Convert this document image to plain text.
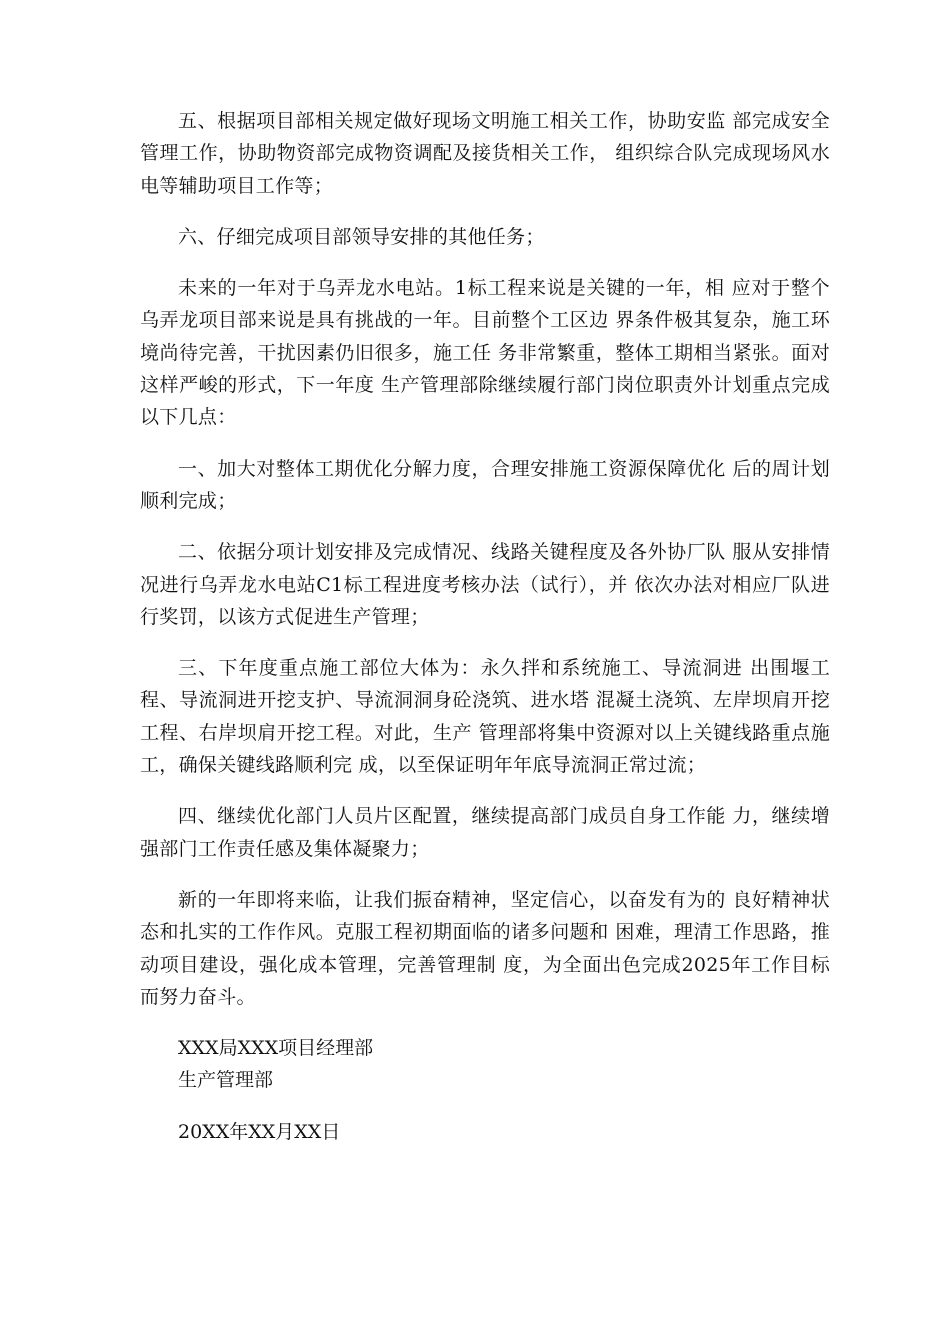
五、根据项目部相关规定做好现场文明施工相关工作，协助安监 部完成安全管理工作，协助物资部完成物资调配及接货相关工作， 组织综合队完成现场风水电等辅助项目工作等；

六、仔细完成项目部领导安排的其他任务；

未来的一年对于乌弄龙水电站。1标工程来说是关键的一年，相 应对于整个乌弄龙项目部来说是具有挑战的一年。目前整个工区边 界条件极其复杂，施工环境尚待完善，干扰因素仍旧很多，施工任 务非常繁重，整体工期相当紧张。面对这样严峻的形式，下一年度 生产管理部除继续履行部门岗位职责外计划重点完成以下几点：

一、加大对整体工期优化分解力度，合理安排施工资源保障优化 后的周计划顺利完成；

二、依据分项计划安排及完成情况、线路关键程度及各外协厂队 服从安排情况进行乌弄龙水电站C1标工程进度考核办法（试行），并 依次办法对相应厂队进行奖罚，以该方式促进生产管理；

三、下年度重点施工部位大体为：永久拌和系统施工、导流洞进 出围堰工程、导流洞进开挖支护、导流洞洞身砼浇筑、进水塔 混凝土浇筑、左岸坝肩开挖工程、右岸坝肩开挖工程。对此，生产 管理部将集中资源对以上关键线路重点施工，确保关键线路顺利完 成，以至保证明年年底导流洞正常过流；

四、继续优化部门人员片区配置，继续提高部门成员自身工作能 力，继续增强部门工作责任感及集体凝聚力；

新的一年即将来临，让我们振奋精神，坚定信心，以奋发有为的 良好精神状态和扎实的工作作风。克服工程初期面临的诸多问题和 困难，理清工作思路，推动项目建设，强化成本管理，完善管理制 度，为全面出色完成2025年工作目标而努力奋斗。

XXX局XXX项目经理部

生产管理部

20XX年XX月XX日
